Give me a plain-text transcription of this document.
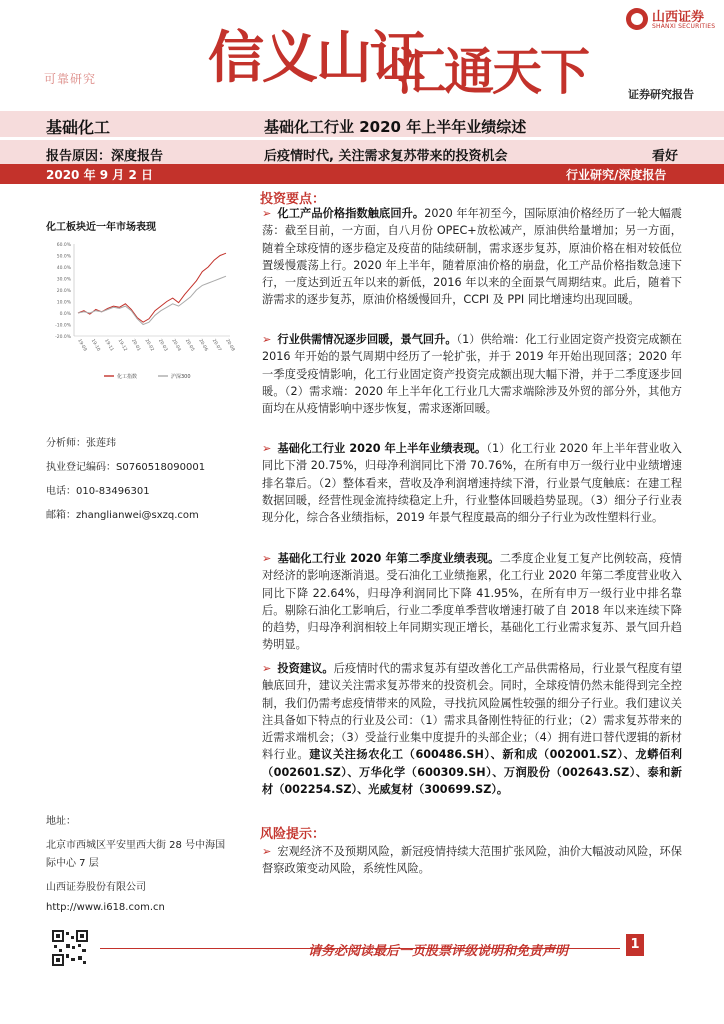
信义山证
汇通天下
山西证券
SHANXI SECURITIES
可靠研究
证券研究报告
基础化工	基础化工行业 2020 年上半年业绩综述
报告原因：深度报告	后疫情时代, 关注需求复苏带来的投资机会	看好
2020 年 9 月 2 日	行业研究/深度报告
化工板块近一年市场表现
60.0%
50.0%
40.0%
30.0%
20.0%
10.0%
0.0%
-10.0%
-20.0%
19-09 19-10 19-11 19-12 20-01 20-02 20-03 20-04 20-05 20-06 20-07 20-08
化工指数	沪深300
分析师：张莲玮
执业登记编码：S0760518090001
电话：010-83496301
邮箱：zhanglianwei@sxzq.com
地址：
北京市西城区平安里西大街 28 号中海国
际中心 7 层
山西证券股份有限公司
http://www.i618.com.cn
投资要点：
➢ 化工产品价格指数触底回升。2020 年年初至今，国际原油价格经历了一轮大幅震荡：截至目前，一方面，自八月份 OPEC+放松减产，原油供给量增加；另一方面，随着全球疫情的逐步稳定及疫苗的陆续研制，需求逐步复苏，原油价格在相对较低位置缓慢震荡上行。2020 年上半年，随着原油价格的崩盘，化工产品价格指数急速下行，一度达到近五年以来的新低，2016 年以来的全面景气周期结束。此后，随着下游需求的逐步复苏，原油价格缓慢回升，CCPI 及 PPI 同比增速均出现回暖。
➢ 行业供需情况逐步回暖，景气回升。（1）供给端：化工行业固定资产投资完成额在 2016 年开始的景气周期中经历了一轮扩张，并于 2019 年开始出现回落；2020 年一季度受疫情影响，化工行业固定资产投资完成额出现大幅下滑，并于二季度逐步回暖。（2）需求端：2020 年上半年化工行业几大需求端除涉及外贸的部分外，其他方面均在从疫情影响中逐步恢复，需求逐渐回暖。
➢ 基础化工行业 2020 年上半年业绩表现。（1）化工行业 2020 年上半年营业收入同比下滑 20.75%，归母净利润同比下滑 70.76%，在所有申万一级行业中业绩增速排名靠后。（2）整体看来，营收及净利润增速持续下滑，行业景气度触底：在建工程数据回暖，经营性现金流持续稳定上升，行业整体回暖趋势显现。（3）细分子行业表现分化，综合各业绩指标，2019 年景气程度最高的细分子行业为改性塑料行业。
➢ 基础化工行业 2020 年第二季度业绩表现。二季度企业复工复产比例较高，疫情对经济的影响逐渐消退。受石油化工业绩拖累，化工行业 2020 年第二季度营业收入同比下降 22.64%，归母净利润同比下降 41.95%，在所有申万一级行业中排名靠后。剔除石油化工影响后，行业二季度单季营收增速打破了自 2018 年以来连续下降的趋势，归母净利润相较上年同期实现正增长，基础化工行业需求复苏、景气回升趋势明显。
➢ 投资建议。后疫情时代的需求复苏有望改善化工产品供需格局，行业景气程度有望触底回升，建议关注需求复苏带来的投资机会。同时，全球疫情仍然未能得到完全控制，我们仍需考虑疫情带来的风险，寻找抗风险属性较强的细分子行业。我们建议关注具备如下特点的行业及公司：（1）需求具备刚性特征的行业；（2）需求复苏带来的近需求端机会；（3）受益行业集中度提升的头部企业；（4）拥有进口替代逻辑的新材料行业。建议关注扬农化工（600486.SH）、新和成（002001.SZ）、龙蟒佰利（002601.SZ）、万华化学（600309.SH）、万润股份（002643.SZ）、泰和新材（002254.SZ）、光威复材（300699.SZ）。
风险提示：
➢ 宏观经济不及预期风险，新冠疫情持续大范围扩张风险，油价大幅波动风险，环保督察政策变动风险，系统性风险。
请务必阅读最后一页股票评级说明和免责声明	1
